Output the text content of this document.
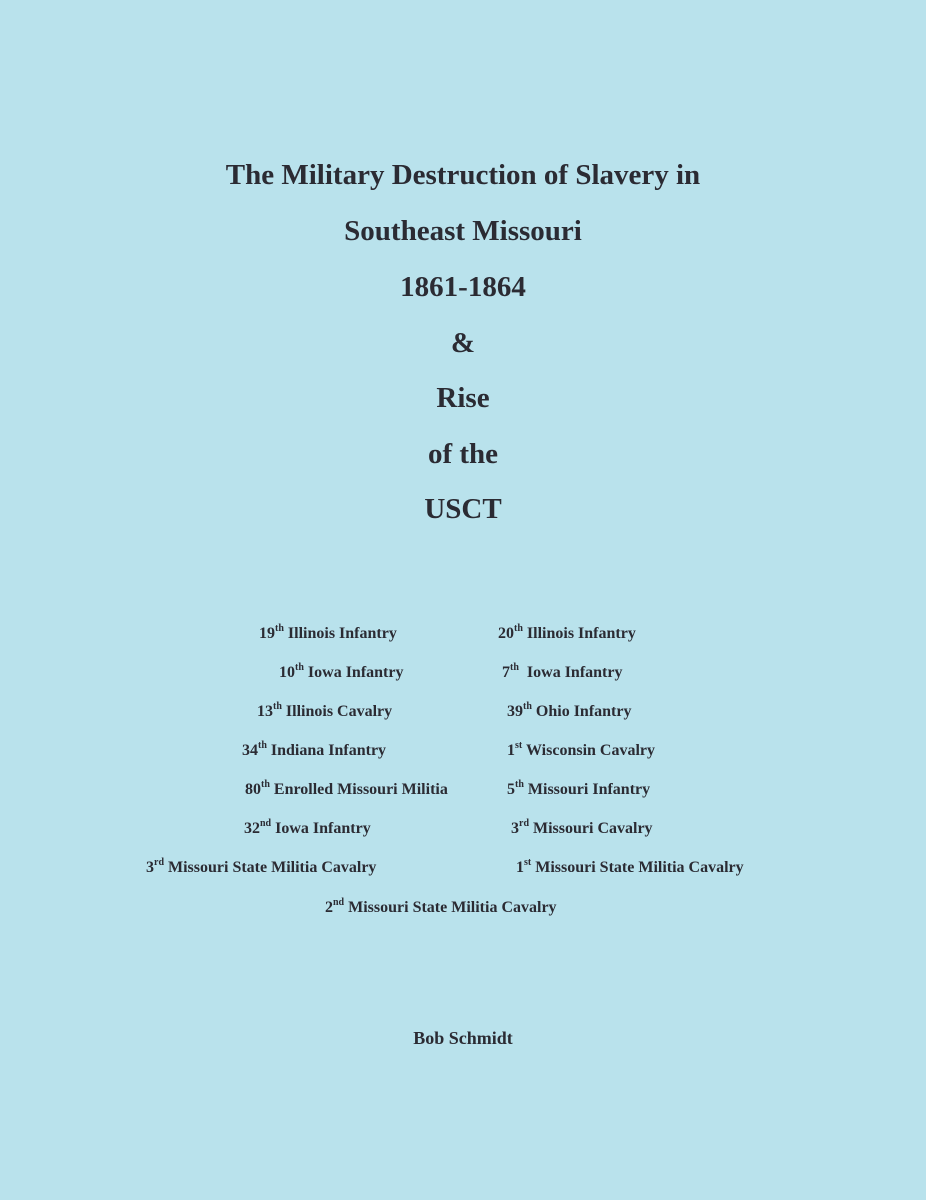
The Military Destruction of Slavery in
Southeast Missouri
1861-1864
&
Rise
of the
USCT
19th Illinois Infantry	20th Illinois Infantry
10th Iowa Infantry	7th Iowa Infantry
13th Illinois Cavalry	39th Ohio Infantry
34th Indiana Infantry	1st Wisconsin Cavalry
80th Enrolled Missouri Militia	5th Missouri Infantry
32nd Iowa Infantry	3rd Missouri Cavalry
3rd Missouri State Militia Cavalry	1st Missouri State Militia Cavalry
2nd Missouri State Militia Cavalry
Bob Schmidt
